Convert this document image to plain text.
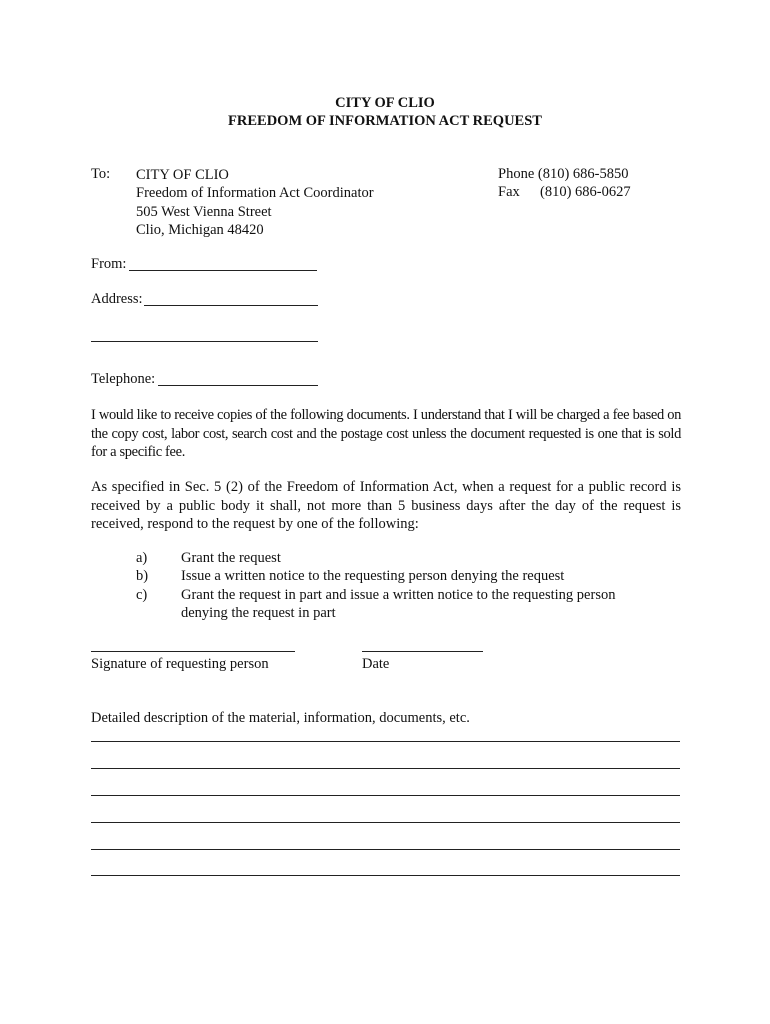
CITY OF CLIO
FREEDOM OF INFORMATION ACT REQUEST
To: CITY OF CLIO
Freedom of Information Act Coordinator
505 West Vienna Street
Clio, Michigan 48420
Phone (810) 686-5850
Fax (810) 686-0627
From:
Address:
Telephone:
I would like to receive copies of the following documents. I understand that I will be charged a fee based on the copy cost, labor cost, search cost and the postage cost unless the document requested is one that is sold for a specific fee.
As specified in Sec. 5 (2) of the Freedom of Information Act, when a request for a public record is received by a public body it shall, not more than 5 business days after the day of the request is received, respond to the request by one of the following:
a) Grant the request
b) Issue a written notice to the requesting person denying the request
c) Grant the request in part and issue a written notice to the requesting person
denying the request in part
Signature of requesting person	Date
Detailed description of the material, information, documents, etc.
